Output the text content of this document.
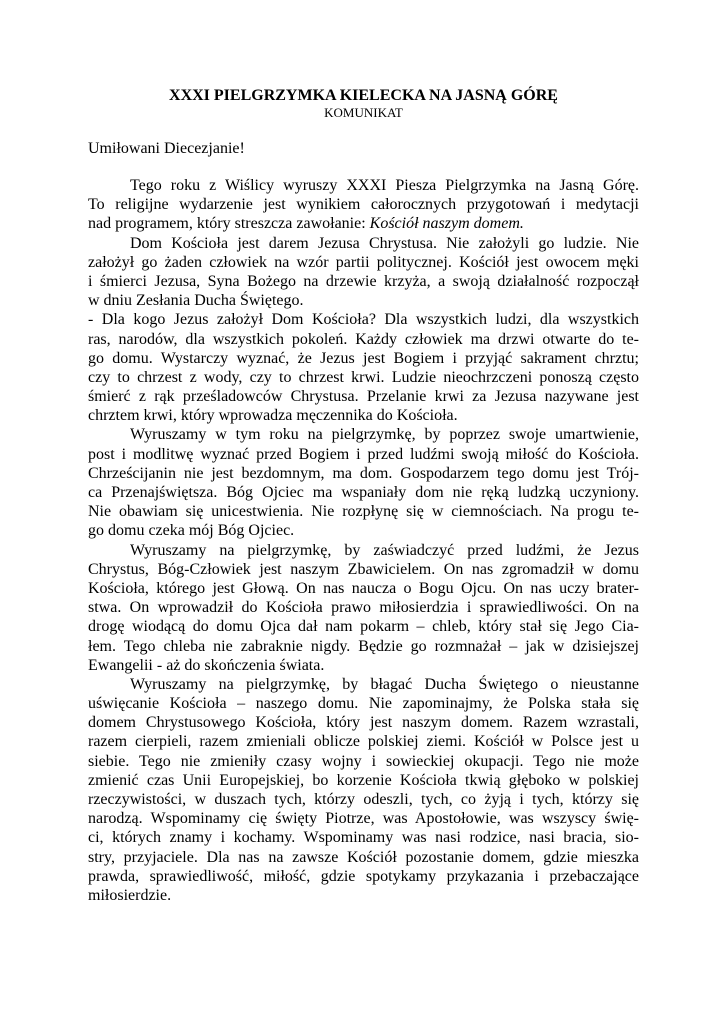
XXXI PIELGRZYMKA KIELECKA NA JASNĄ GÓRĘ
KOMUNIKAT
Umiłowani Diecezjanie!
Tego roku z Wiślicy wyruszy XXXI Piesza Pielgrzymka na Jasną Górę.
To religijne wydarzenie jest wynikiem całorocznych przygotowań i medytacji
nad programem, który streszcza zawołanie: Kościół naszym domem.
Dom Kościoła jest darem Jezusa Chrystusa. Nie założyli go ludzie. Nie
założył go żaden człowiek na wzór partii politycznej. Kościół jest owocem męki
i śmierci Jezusa, Syna Bożego na drzewie krzyża, a swoją działalność rozpoczął
w dniu Zesłania Ducha Świętego.
- Dla kogo Jezus założył Dom Kościoła? Dla wszystkich ludzi, dla wszystkich
ras, narodów, dla wszystkich pokoleń. Każdy człowiek ma drzwi otwarte do te-
go domu. Wystarczy wyznać, że Jezus jest Bogiem i przyjąć sakrament chrztu;
czy to chrzest z wody, czy to chrzest krwi. Ludzie nieochrzczeni ponoszą często
śmierć z rąk prześladowców Chrystusa. Przelanie krwi za Jezusa nazywane jest
chrztem krwi, który wprowadza męczennika do Kościoła.
Wyruszamy w tym roku na pielgrzymkę, by poprzez swoje umartwienie,
post i modlitwę wyznać przed Bogiem i przed ludźmi swoją miłość do Kościoła.
Chrześcijanin nie jest bezdomnym, ma dom. Gospodarzem tego domu jest Trój-
ca Przenajświętsza. Bóg Ojciec ma wspaniały dom nie ręką ludzką uczyniony.
Nie obawiam się unicestwienia. Nie rozpłynę się w ciemnościach. Na progu te-
go domu czeka mój Bóg Ojciec.
Wyruszamy na pielgrzymkę, by zaświadczyć przed ludźmi, że Jezus
Chrystus, Bóg-Człowiek jest naszym Zbawicielem. On nas zgromadził w domu
Kościoła, którego jest Głową. On nas naucza o Bogu Ojcu. On nas uczy brater-
stwa. On wprowadził do Kościoła prawo miłosierdzia i sprawiedliwości. On na
drogę wiodącą do domu Ojca dał nam pokarm – chleb, który stał się Jego Cia-
łem. Tego chleba nie zabraknie nigdy. Będzie go rozmnażał – jak w dzisiejszej
Ewangelii - aż do skończenia świata.
Wyruszamy na pielgrzymkę, by błagać Ducha Świętego o nieustanne
uświęcanie Kościoła – naszego domu. Nie zapominajmy, że Polska stała się
domem Chrystusowego Kościoła, który jest naszym domem. Razem wzrastali,
razem cierpieli, razem zmieniali oblicze polskiej ziemi. Kościół w Polsce jest u
siebie. Tego nie zmieniły czasy wojny i sowieckiej okupacji. Tego nie może
zmienić czas Unii Europejskiej, bo korzenie Kościoła tkwią głęboko w polskiej
rzeczywistości, w duszach tych, którzy odeszli, tych, co żyją i tych, którzy się
narodzą. Wspominamy cię święty Piotrze, was Apostołowie, was wszyscy świę-
ci, których znamy i kochamy. Wspominamy was nasi rodzice, nasi bracia, sio-
stry, przyjaciele. Dla nas na zawsze Kościół pozostanie domem, gdzie mieszka
prawda, sprawiedliwość, miłość, gdzie spotykamy przykazania i przebaczające
miłosierdzie.
